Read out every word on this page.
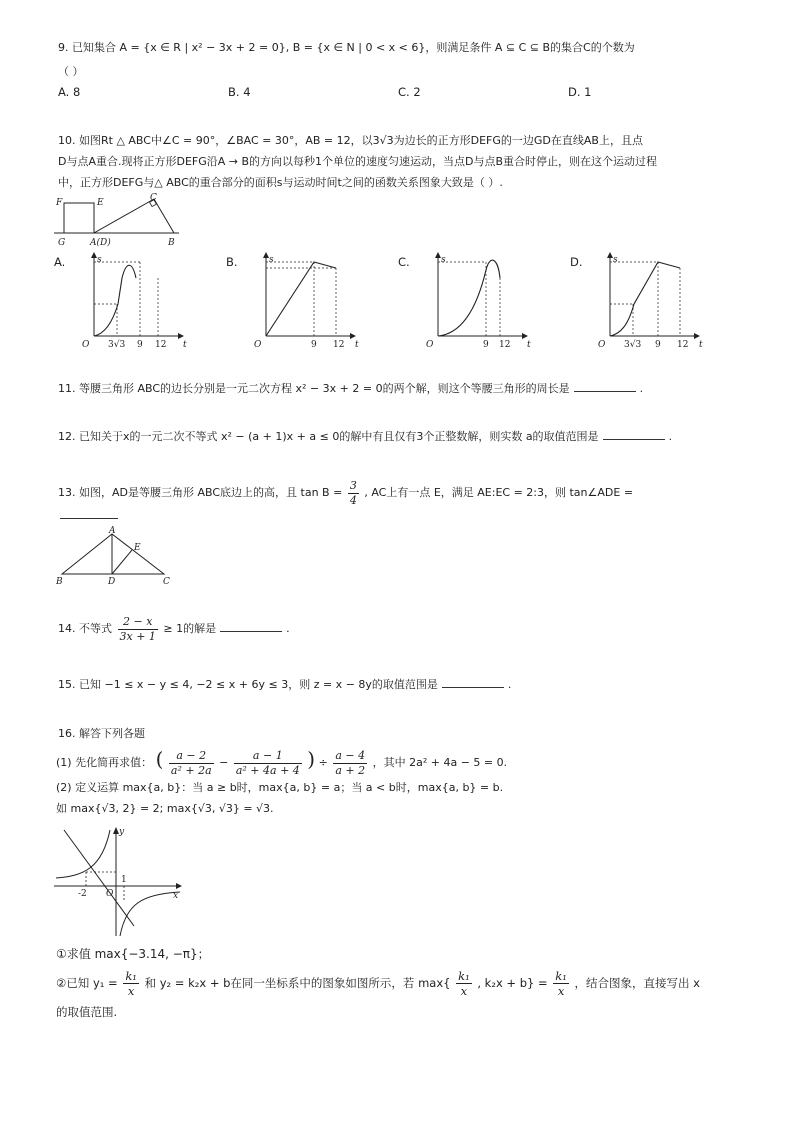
9. 已知集合 A = {x ∈ R | x² − 3x + 2 = 0}, B = {x ∈ N | 0 < x < 6}，则满足条件 A ⊆ C ⊆ B的集合C的个数为
（ ）
A. 8	B. 4	C. 2	D. 1
10. 如图Rt △ ABC中∠C = 90°，∠BAC = 30°，AB = 12，以3√3为边长的正方形DEFG的一边GD在直线AB上，且点
D与点A重合.现将正方形DEFG沿A → B的方向以每秒1个单位的速度匀速运动，当点D与点B重合时停止，则在这个运动过程
中，正方形DEFG与△ ABC的重合部分的面积s与运动时间t之间的函数关系图象大致是（ ）.
F	E	C
G	A(D)	B
A.	s
t
O 3√3 9 12
B.	s
t
O	9 12
C.	s
t
O	9 12
D.	s
t
O 3√3 9 12
11. 等腰三角形 ABC的边长分别是一元二次方程 x² − 3x + 2 = 0的两个解，则这个等腰三角形的周长是	.
12. 已知关于x的一元二次不等式 x² − (a + 1)x + a ≤ 0的解中有且仅有3个正整数解，则实数 a的取值范围是	.
13. 如图，AD是等腰三角形 ABC底边上的高，且 $\tan B = \frac{3}{4}$ , AC上有一点 E，满足 AE:EC = 2:3，则 tan∠ADE =
A
E
B	D	C
14. 不等式 $\frac{2 - x}{3x + 1} \ge 1$的解是	.
15. 已知 −1 ≤ x − y ≤ 4, −2 ≤ x + 6y ≤ 3，则 z = x − 8y的取值范围是	.
16. 解答下列各题
(1) 先化简再求值： ( $\frac{a - 2}{\text{a² + 2a}} - \frac{a - 1}{\text{a² + 4a + 4}}$ ) ÷ $\frac{a - 4}{a + 2}$ ，其中 2a² + 4a − 5 = 0.
(2) 定义运算 max{a, b}：当 a ≥ b时，max{a, b} = a；当 a < b时，max{a, b} = b.
如 max{√3, 2} = 2; max{√3, √3} = √3.
y
x
-2
1
O
①求值 max{−3.14, −π}；
②已知 $y_1 = \frac{\text{k₁}}{x}$ 和 y₂ = k₂x + b在同一坐标系中的图象如图所示，若 $\max\{ \frac{\text{k₁}}{x}$ , $k_2x + b\} = \frac{\text{k₁}}{x}$ ，结合图象，直接写出 x
的取值范围.
